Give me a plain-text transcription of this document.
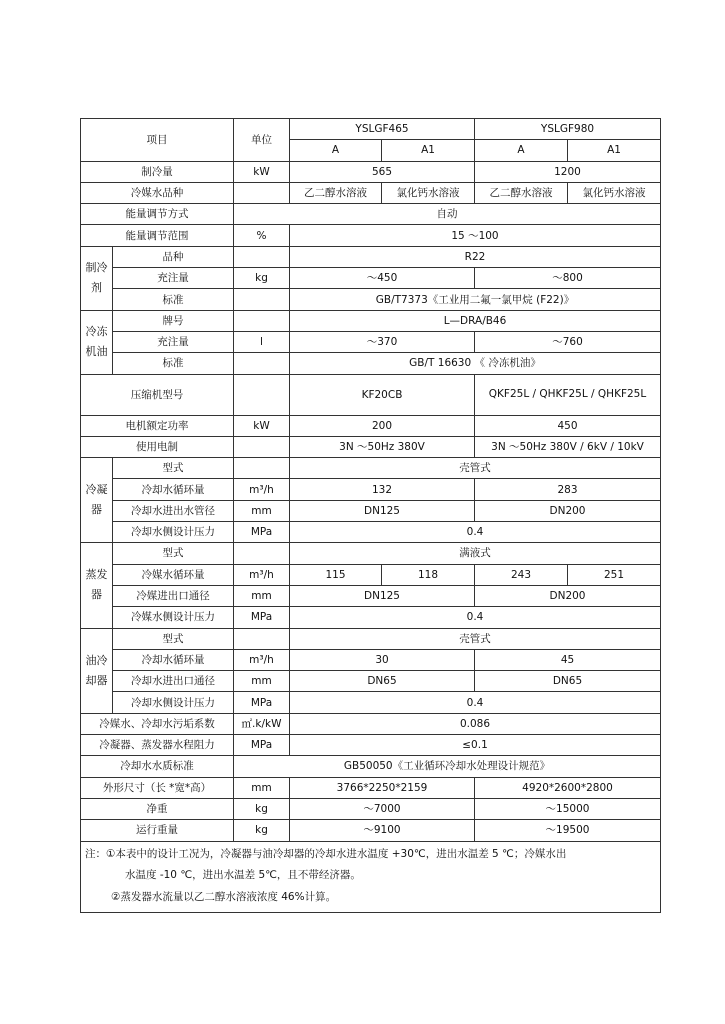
项目		单位	YSLGF465		YSLGF980	
			A	A1	A	A1
制冷量		kW	565		1200	
冷媒水品种			乙二醇水溶液	氯化钙水溶液	乙二醇水溶液	氯化钙水溶液
能量调节方式		自动				
能量调节范围		%	15 ～100			
制冷剂	品种		R22			
	充注量	kg	～450		～800	
	标准		GB/T7373《工业用二氟一氯甲烷 (F22)》			
冷冻机油	牌号		L—DRA/B46			
	充注量	l	～370		～760	
	标准		GB/T 16630 《 冷冻机油》			
压缩机型号			KF20CB		QKF25L / QHKF25L / QHKF25L	
电机额定功率		kW	200		450	
使用电制			3N ～50Hz 380V		3N ～50Hz 380V / 6kV / 10kV	
冷凝器	型式		壳管式			
	冷却水循环量	m³/h	132		283	
	冷却水进出水管径	mm	DN125		DN200	
	冷却水侧设计压力	MPa	0.4			
蒸发器	型式		满液式			
	冷媒水循环量	m³/h	115	118	243	251
	冷媒进出口通径	mm	DN125		DN200	
	冷媒水侧设计压力	MPa	0.4			
油冷却器	型式		壳管式			
	冷却水循环量	m³/h	30		45	
	冷却水进出口通径	mm	DN65		DN65	
	冷却水侧设计压力	MPa	0.4			
冷媒水、冷却水污垢系数		㎡.k/kW	0.086			
冷凝器、蒸发器水程阻力		MPa	≤0.1			
冷却水水质标准		GB50050《工业循环冷却水处理设计规范》				
外形尺寸（长 *宽*高）		mm	3766*2250*2159		4920*2600*2800	
净重		kg	～7000		～15000	
运行重量		kg	～9100		～19500	

注：①本表中的设计工况为，冷凝器与油冷却器的冷却水进水温度 +30℃，进出水温差 5 ℃；冷媒水出
水温度 -10 ℃，进出水温差 5℃，且不带经济器。
②蒸发器水流量以乙二醇水溶液浓度 46%计算。						
